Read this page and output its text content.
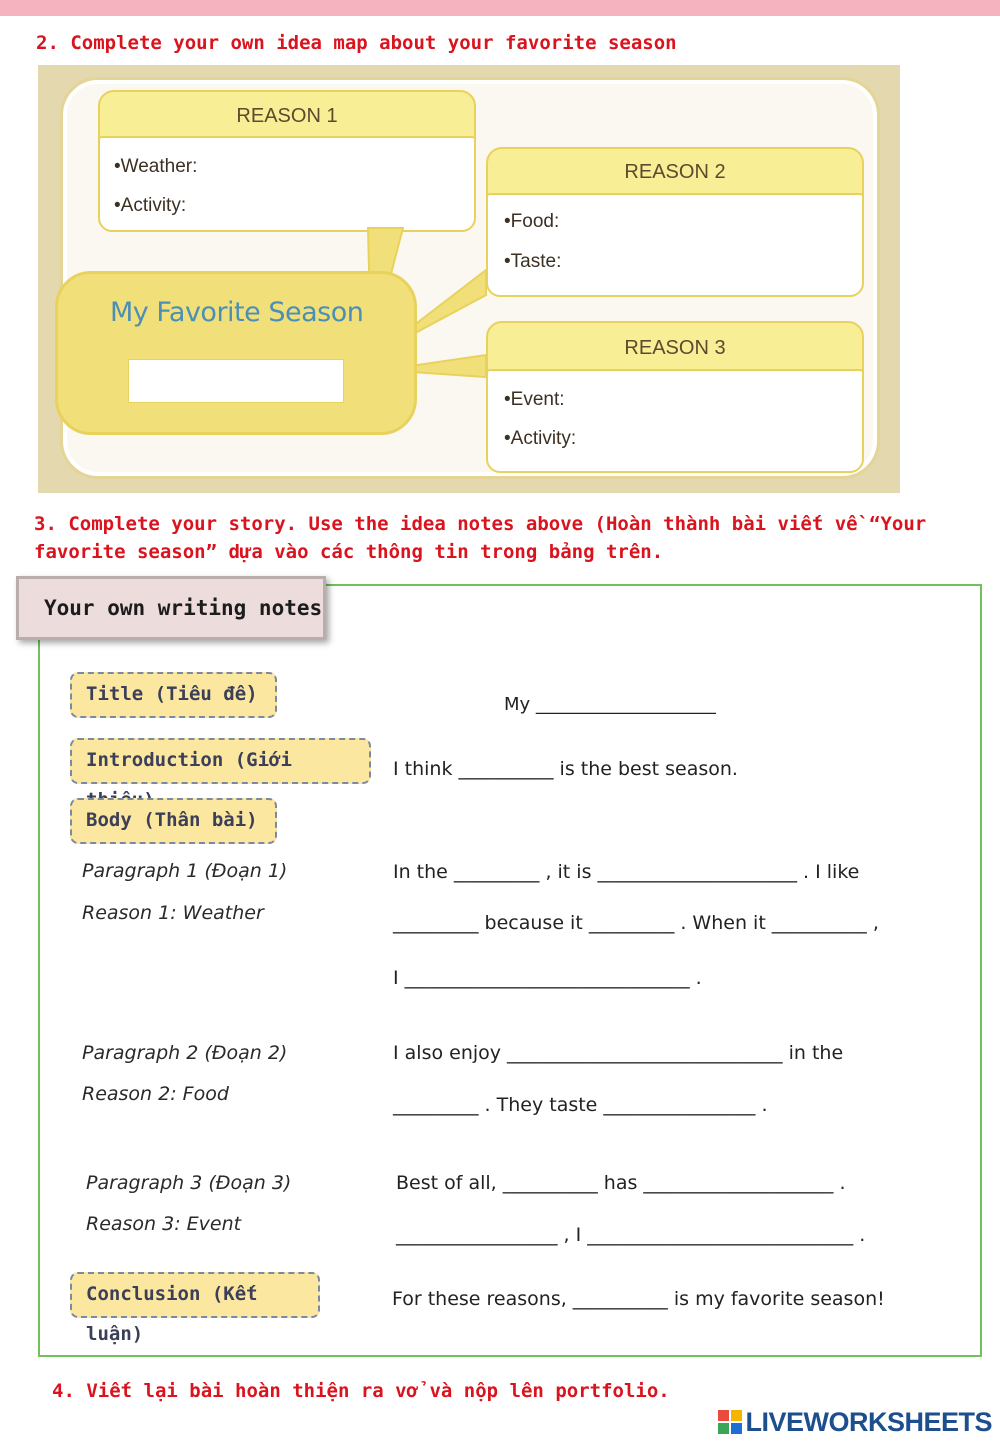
2. Complete your own idea map about your favorite season
REASON 1
•Weather:
•Activity:
REASON 2
•Food:
•Taste:
REASON 3
•Event:
•Activity:
My Favorite Season
3. Complete your story. Use the idea notes above (Hoàn thành bài viết về “Your favorite season” dựa vào các thông tin trong bảng trên.
Your own writing notes
Title (Tiêu đề)
Introduction (Giới
Body (Thân bài)
Conclusion (Kết luận)
Paragraph 1 (Đoạn 1)
Reason 1: Weather
Paragraph 2 (Đoạn 2)
Reason 2: Food
Paragraph 3 (Đoạn 3)
Reason 3: Event
My ____________________
I think __________ is the best season.
In the _________ , it is _____________________ . I like
_________ because it _________ . When it __________ ,
I ______________________________ .
I also enjoy _____________________________ in the
_________ . They taste ________________ .
Best of all, __________ has ____________________ .
_________________ , I ____________________________ .
For these reasons, __________ is my favorite season!
4. Viết lại bài hoàn thiện ra vở và nộp lên portfolio.
LIVEWORKSHEETS
